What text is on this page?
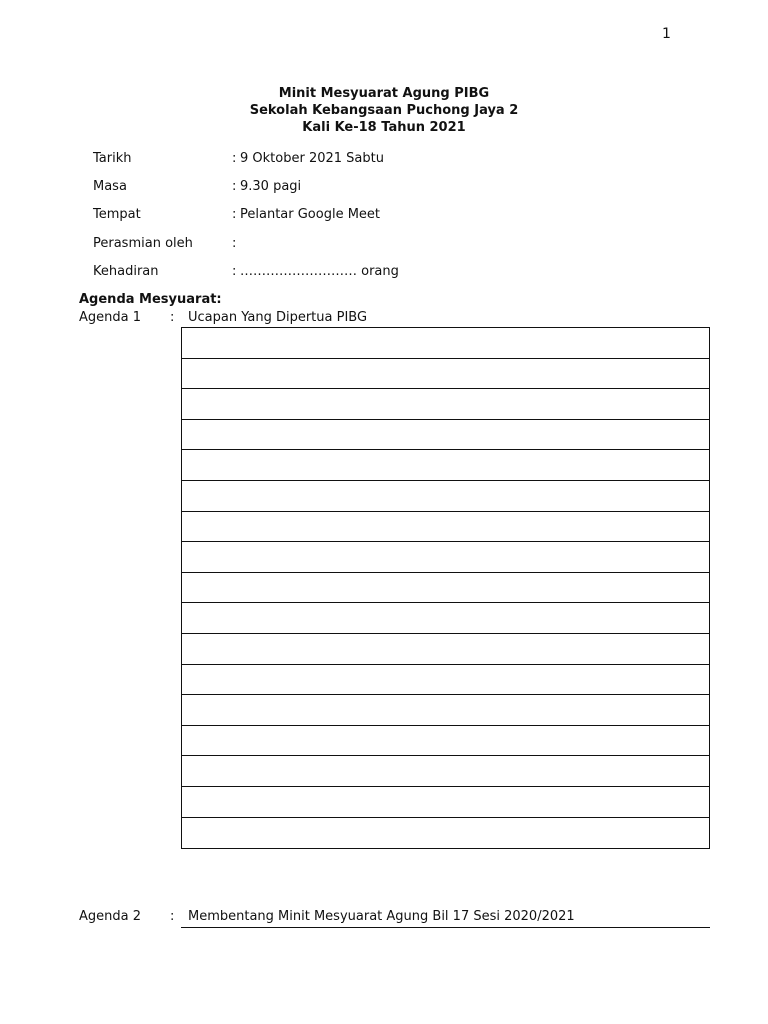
1
Minit Mesyuarat Agung PIBG
Sekolah Kebangsaan Puchong Jaya 2
Kali Ke-18 Tahun 2021
Tarikh	: 9 Oktober 2021 Sabtu
Masa	: 9.30 pagi
Tempat	: Pelantar Google Meet
Perasmian oleh	:
Kehadiran	: ……………………… orang
Agenda Mesyuarat:
Agenda 1 : Ucapan Yang Dipertua PIBG
Agenda 2 : Membentang Minit Mesyuarat Agung Bil 17 Sesi 2020/2021
